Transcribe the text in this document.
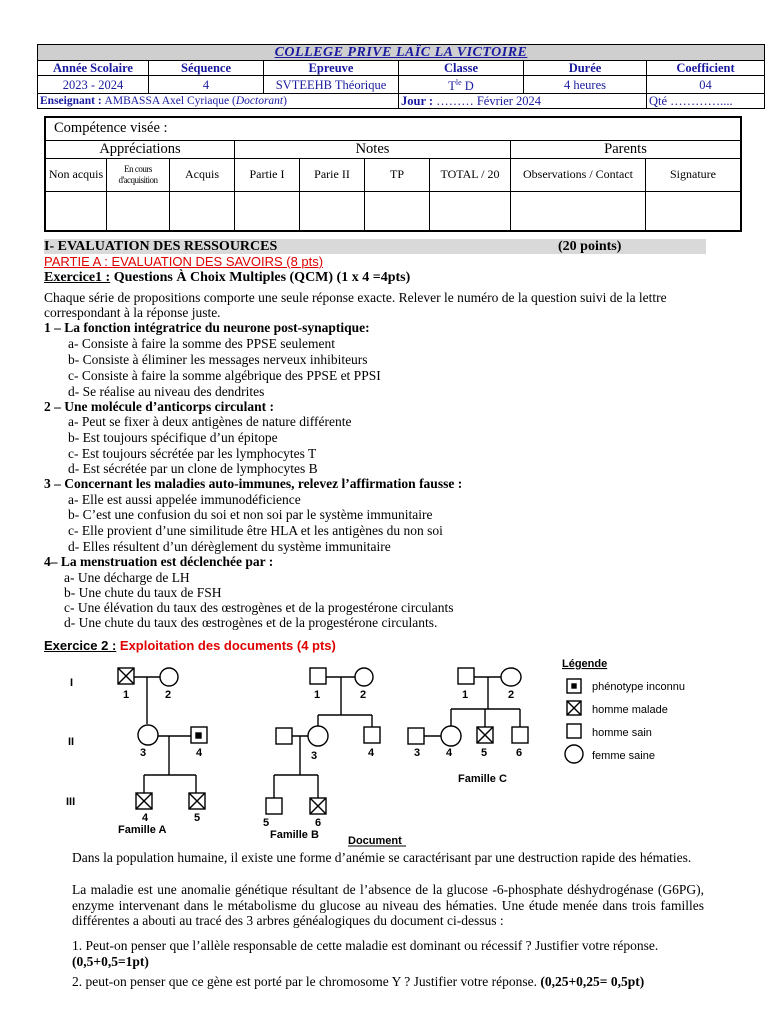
COLLEGE PRIVE LAÏC LA VICTOIRE					
Année Scolaire	Séquence	Epreuve	Classe	Durée	Coefficient
2023 - 2024	4	SVTEEHB Théorique	$T^{le}$ D	4 heures	04
Enseignant : AMBASSA Axel Cyriaque (Doctorant)			Jour : ……… Février 2024		Qté …………....
Compétence visée :								
Appréciations			Notes				Parents	
Non acquis	En cours d'acquisition	Acquis	Partie I	Parie II	TP	TOTAL / 20	Observations / Contact	Signature

I- EVALUATION DES RESSOURCES	(20 points)
PARTIE A : EVALUATION DES SAVOIRS (8 pts)
Exercice1 : Questions À Choix Multiples (QCM) (1 x 4 =4pts)
Chaque série de propositions comporte une seule réponse exacte. Relever le numéro de la question suivi de la lettre
correspondant à la réponse juste.
1 – La fonction intégratrice du neurone post-synaptique:
a- Consiste à faire la somme des PPSE seulement
b- Consiste à éliminer les messages nerveux inhibiteurs
c- Consiste à faire la somme algébrique des PPSE et PPSI
d- Se réalise au niveau des dendrites
2 – Une molécule d’anticorps circulant :
a- Peut se fixer à deux antigènes de nature différente
b- Est toujours spécifique d’un épitope
c- Est toujours sécrétée par les lymphocytes T
d- Est sécrétée par un clone de lymphocytes B
3 – Concernant les maladies auto-immunes, relevez l’affirmation fausse :
a- Elle est aussi appelée immunodéficience
b- C’est une confusion du soi et non soi par le système immunitaire
c- Elle provient d’une similitude être HLA et les antigènes du non soi
d- Elles résultent d’un dérèglement du système immunitaire
4– La menstruation est déclenchée par :
a- Une décharge de LH
b- Une chute du taux de FSH
c- Une élévation du taux des œstrogènes et de la progestérone circulants
d- Une chute du taux des œstrogènes et de la progestérone circulants.
Exercice 2 : Exploitation des documents (4 pts)
I
II
III
1	2
3	4
4	5
Famille A
1	2
3	4
5	6
Famille B
1	2
3 4	5	6
Famille C
Légende
phénotype inconnu
homme malade
homme sain
femme saine
Document
Dans la population humaine, il existe une forme d’anémie se caractérisant par une destruction rapide des hématies.
La maladie est une anomalie génétique résultant de l’absence de la glucose -6-phosphate déshydrogénase (G6PG), enzyme intervenant dans le métabolisme du glucose au niveau des hématies. Une étude menée dans trois familles différentes a abouti au tracé des 3 arbres généalogiques du document ci-dessus :
1. Peut-on penser que l’allèle responsable de cette maladie est dominant ou récessif ? Justifier votre réponse.
(0,5+0,5=1pt)
2. peut-on penser que ce gène est porté par le chromosome Y ? Justifier votre réponse. (0,25+0,25= 0,5pt)
